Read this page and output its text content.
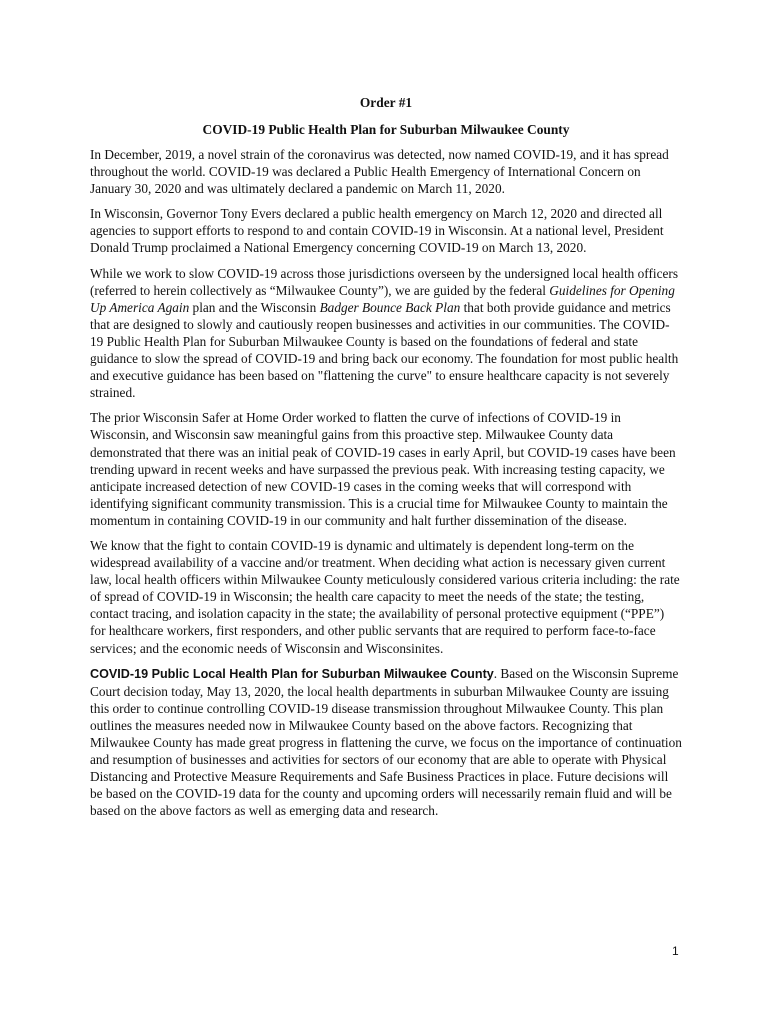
Order #1
COVID-19 Public Health Plan for Suburban Milwaukee County

In December, 2019, a novel strain of the coronavirus was detected, now named COVID-19, and it has spread throughout the world. COVID-19 was declared a Public Health Emergency of International Concern on January 30, 2020 and was ultimately declared a pandemic on March 11, 2020.

In Wisconsin, Governor Tony Evers declared a public health emergency on March 12, 2020 and directed all agencies to support efforts to respond to and contain COVID-19 in Wisconsin. At a national level, President Donald Trump proclaimed a National Emergency concerning COVID-19 on March 13, 2020.

While we work to slow COVID-19 across those jurisdictions overseen by the undersigned local health officers (referred to herein collectively as “Milwaukee County”), we are guided by the federal Guidelines for Opening Up America Again plan and the Wisconsin Badger Bounce Back Plan that both provide guidance and metrics that are designed to slowly and cautiously reopen businesses and activities in our communities. The COVID-19 Public Health Plan for Suburban Milwaukee County is based on the foundations of federal and state guidance to slow the spread of COVID-19 and bring back our economy. The foundation for most public health and executive guidance has been based on "flattening the curve" to ensure healthcare capacity is not severely strained.

The prior Wisconsin Safer at Home Order worked to flatten the curve of infections of COVID-19 in Wisconsin, and Wisconsin saw meaningful gains from this proactive step. Milwaukee County data demonstrated that there was an initial peak of COVID-19 cases in early April, but COVID-19 cases have been trending upward in recent weeks and have surpassed the previous peak. With increasing testing capacity, we anticipate increased detection of new COVID-19 cases in the coming weeks that will correspond with identifying significant community transmission. This is a crucial time for Milwaukee County to maintain the momentum in containing COVID-19 in our community and halt further dissemination of the disease.

We know that the fight to contain COVID-19 is dynamic and ultimately is dependent long-term on the widespread availability of a vaccine and/or treatment. When deciding what action is necessary given current law, local health officers within Milwaukee County meticulously considered various criteria including: the rate of spread of COVID-19 in Wisconsin; the health care capacity to meet the needs of the state; the testing, contact tracing, and isolation capacity in the state; the availability of personal protective equipment (“PPE”) for healthcare workers, first responders, and other public servants that are required to perform face-to-face services; and the economic needs of Wisconsin and Wisconsinites.

COVID-19 Public Local Health Plan for Suburban Milwaukee County. Based on the Wisconsin Supreme Court decision today, May 13, 2020, the local health departments in suburban Milwaukee County are issuing this order to continue controlling COVID-19 disease transmission throughout Milwaukee County. This plan outlines the measures needed now in Milwaukee County based on the above factors. Recognizing that Milwaukee County has made great progress in flattening the curve, we focus on the importance of continuation and resumption of businesses and activities for sectors of our economy that are able to operate with Physical Distancing and Protective Measure Requirements and Safe Business Practices in place. Future decisions will be based on the COVID-19 data for the county and upcoming orders will necessarily remain fluid and will be based on the above factors as well as emerging data and research.

1
